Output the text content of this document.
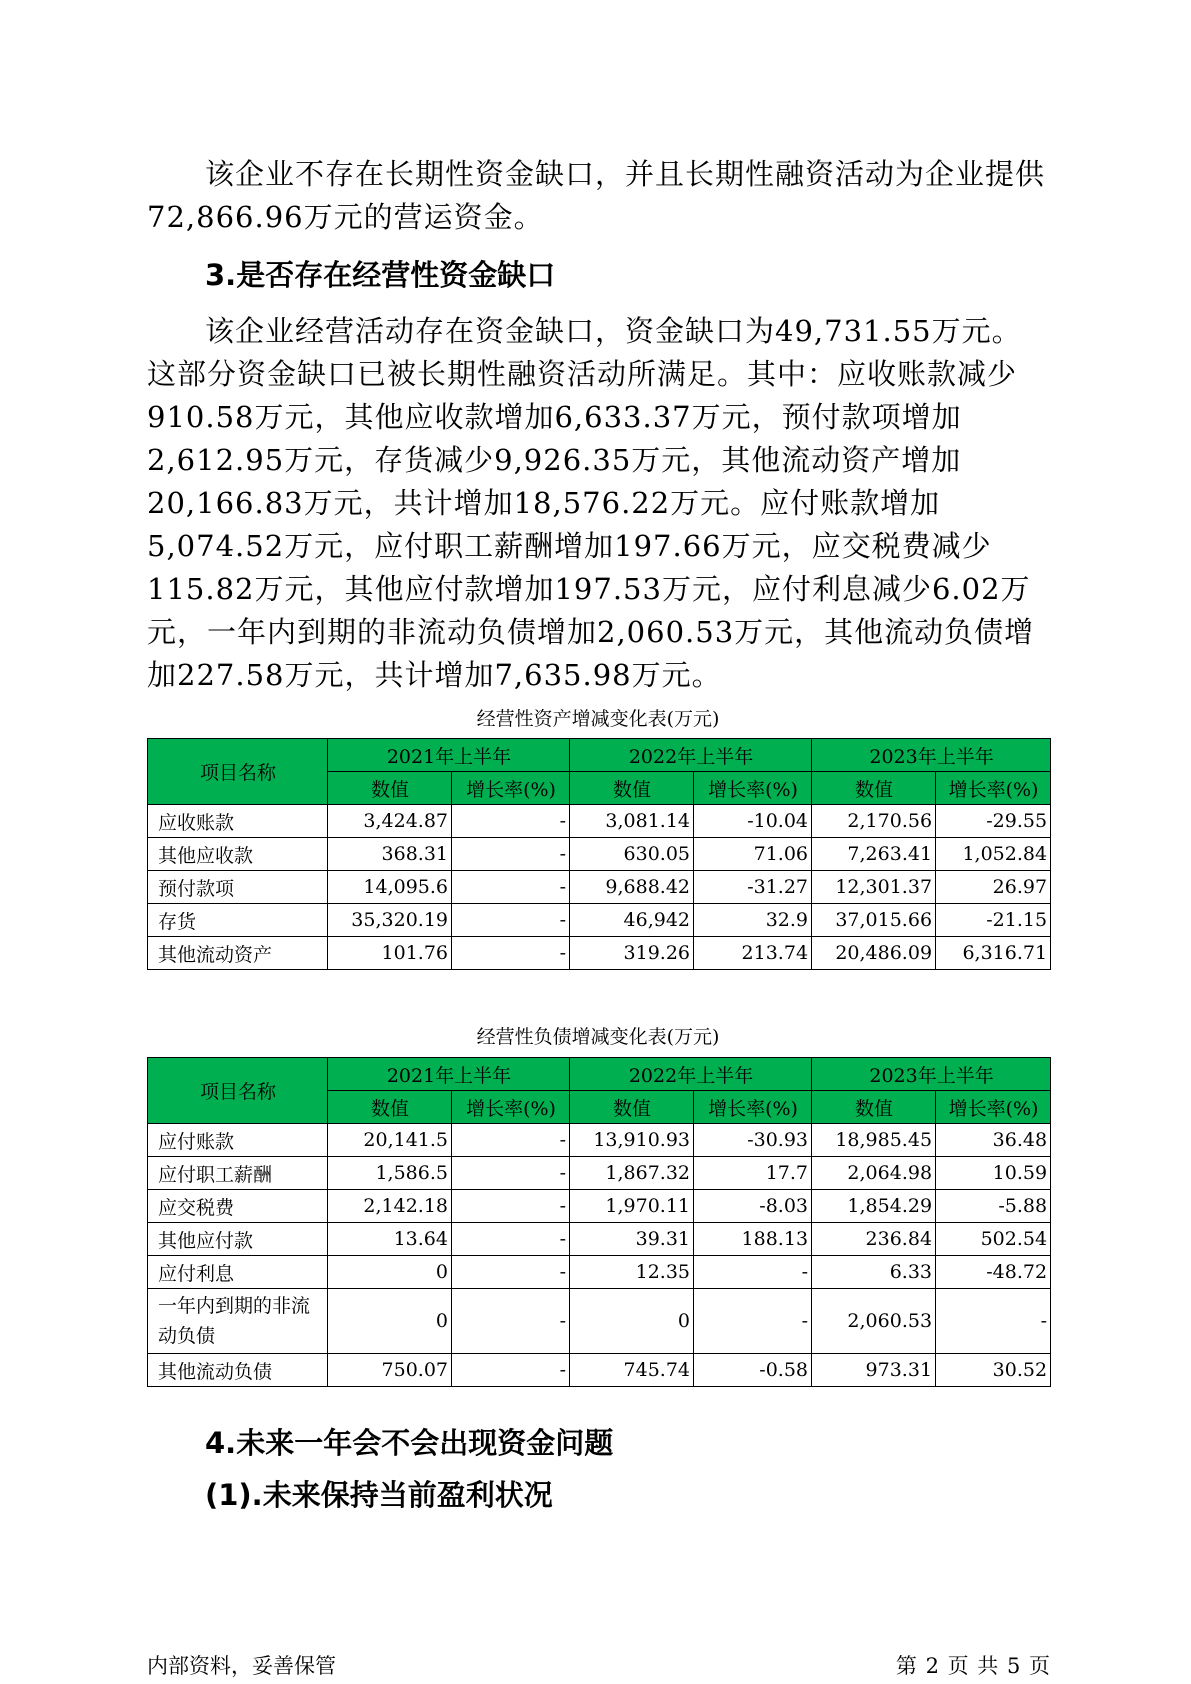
该企业不存在长期性资金缺口，并且长期性融资活动为企业提供72,866.96万元的营运资金。

3.是否存在经营性资金缺口

该企业经营活动存在资金缺口，资金缺口为49,731.55万元。这部分资金缺口已被长期性融资活动所满足。其中：应收账款减少910.58万元，其他应收款增加6,633.37万元，预付款项增加2,612.95万元，存货减少9,926.35万元，其他流动资产增加20,166.83万元，共计增加18,576.22万元。应付账款增加5,074.52万元，应付职工薪酬增加197.66万元，应交税费减少115.82万元，其他应付款增加197.53万元，应付利息减少6.02万元，一年内到期的非流动负债增加2,060.53万元，其他流动负债增加227.58万元，共计增加7,635.98万元。

经营性资产增减变化表(万元)
项目名称	2021年上半年		2022年上半年		2023年上半年	
	数值	增长率(%)	数值	增长率(%)	数值	增长率(%)
应收账款	3,424.87	-	3,081.14	-10.04	2,170.56	-29.55
其他应收款	368.31	-	630.05	71.06	7,263.41	1,052.84
预付款项	14,095.6	-	9,688.42	-31.27	12,301.37	26.97
存货	35,320.19	-	46,942	32.9	37,015.66	-21.15
其他流动资产	101.76	-	319.26	213.74	20,486.09	6,316.71
经营性负债增减变化表(万元)
项目名称	2021年上半年		2022年上半年		2023年上半年	
	数值	增长率(%)	数值	增长率(%)	数值	增长率(%)
应付账款	20,141.5	-	13,910.93	-30.93	18,985.45	36.48
应付职工薪酬	1,586.5	-	1,867.32	17.7	2,064.98	10.59
应交税费	2,142.18	-	1,970.11	-8.03	1,854.29	-5.88
其他应付款	13.64	-	39.31	188.13	236.84	502.54
应付利息	0	-	12.35	-	6.33	-48.72
一年内到期的非流动负债	0	-	0	-	2,060.53	-
其他流动负债	750.07	-	745.74	-0.58	973.31	30.52
4.未来一年会不会出现资金问题
(1).未来保持当前盈利状况
内部资料，妥善保管	第 2 页 共 5 页
